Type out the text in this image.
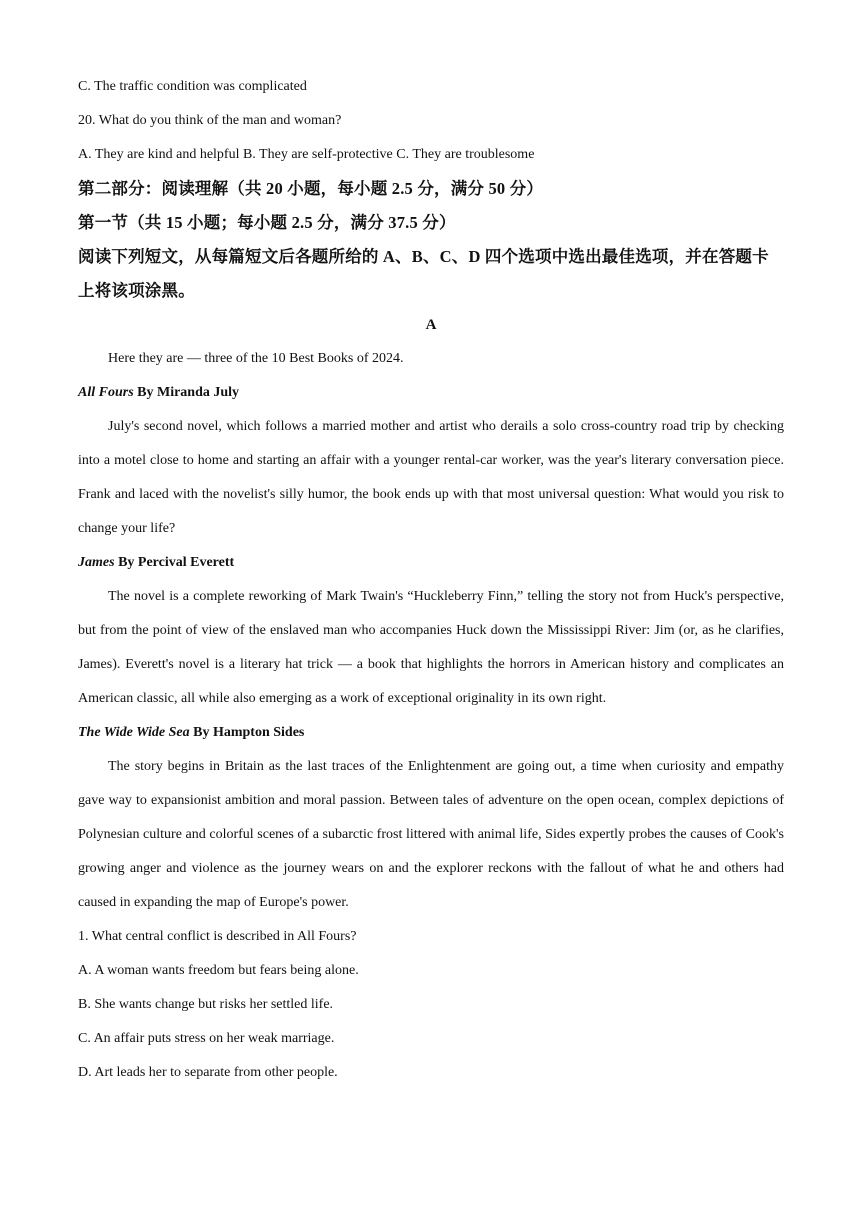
C. The traffic condition was complicated

20. What do you think of the man and woman?

A. They are kind and helpful B. They are self-protective C. They are troublesome

第二部分：阅读理解（共 20 小题，每小题 2.5 分，满分 50 分）

第一节（共 15 小题；每小题 2.5 分，满分 37.5 分）

阅读下列短文，从每篇短文后各题所给的 A、B、C、D 四个选项中选出最佳选项，并在答题卡上将该项涂黑。

A

Here they are — three of the 10 Best Books of 2024.

All Fours By Miranda July

July's second novel, which follows a married mother and artist who derails a solo cross-country road trip by checking into a motel close to home and starting an affair with a younger rental-car worker, was the year's literary conversation piece. Frank and laced with the novelist's silly humor, the book ends up with that most universal question: What would you risk to change your life?

James By Percival Everett

The novel is a complete reworking of Mark Twain's “Huckleberry Finn,” telling the story not from Huck's perspective, but from the point of view of the enslaved man who accompanies Huck down the Mississippi River: Jim (or, as he clarifies, James). Everett's novel is a literary hat trick — a book that highlights the horrors in American history and complicates an American classic, all while also emerging as a work of exceptional originality in its own right.

The Wide Wide Sea By Hampton Sides

The story begins in Britain as the last traces of the Enlightenment are going out, a time when curiosity and empathy gave way to expansionist ambition and moral passion. Between tales of adventure on the open ocean, complex depictions of Polynesian culture and colorful scenes of a subarctic frost littered with animal life, Sides expertly probes the causes of Cook's growing anger and violence as the journey wears on and the explorer reckons with the fallout of what he and others had caused in expanding the map of Europe's power.

1. What central conflict is described in All Fours?

A. A woman wants freedom but fears being alone.

B. She wants change but risks her settled life.

C. An affair puts stress on her weak marriage.

D. Art leads her to separate from other people.
